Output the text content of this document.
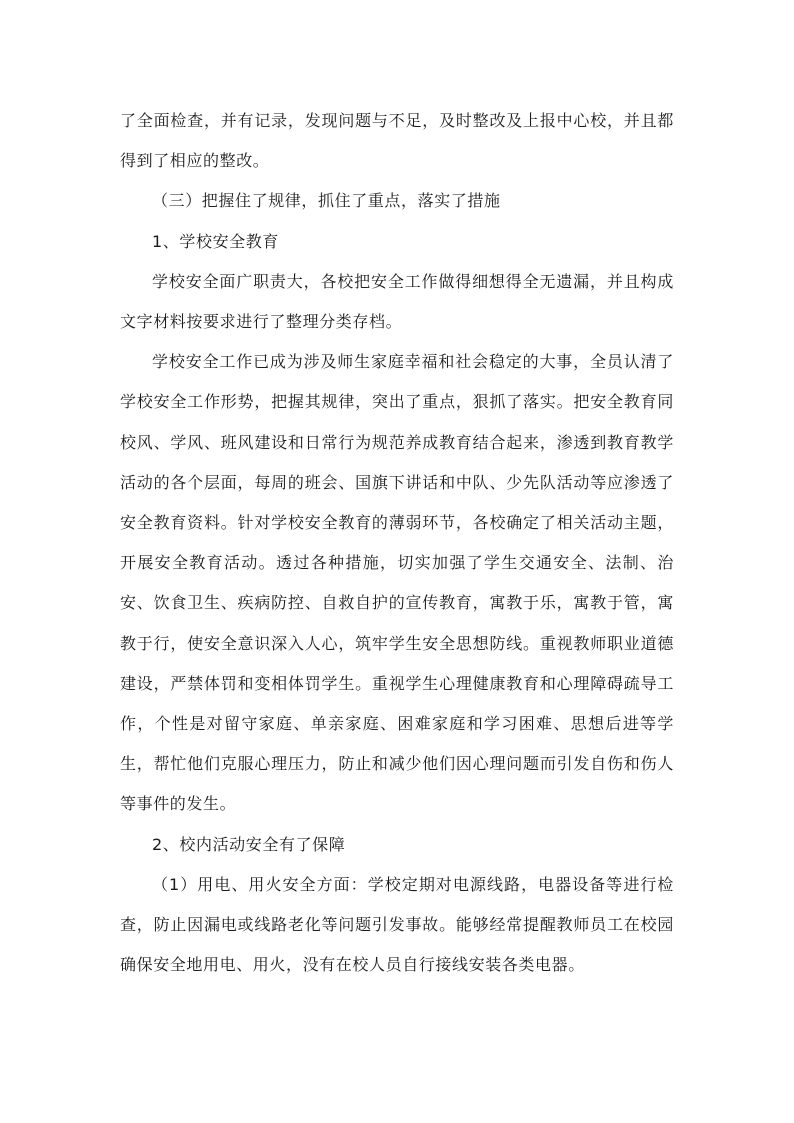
了全面检查，并有记录，发现问题与不足，及时整改及上报中心校，并且都得到了相应的整改。

（三）把握住了规律，抓住了重点，落实了措施

1、学校安全教育

学校安全面广职责大，各校把安全工作做得细想得全无遗漏，并且构成文字材料按要求进行了整理分类存档。

学校安全工作已成为涉及师生家庭幸福和社会稳定的大事，全员认清了学校安全工作形势，把握其规律，突出了重点，狠抓了落实。把安全教育同校风、学风、班风建设和日常行为规范养成教育结合起来，渗透到教育教学活动的各个层面，每周的班会、国旗下讲话和中队、少先队活动等应渗透了安全教育资料。针对学校安全教育的薄弱环节，各校确定了相关活动主题，开展安全教育活动。透过各种措施，切实加强了学生交通安全、法制、治安、饮食卫生、疾病防控、自救自护的宣传教育，寓教于乐，寓教于管，寓教于行，使安全意识深入人心，筑牢学生安全思想防线。重视教师职业道德建设，严禁体罚和变相体罚学生。重视学生心理健康教育和心理障碍疏导工作，个性是对留守家庭、单亲家庭、困难家庭和学习困难、思想后进等学生，帮忙他们克服心理压力，防止和减少他们因心理问题而引发自伤和伤人等事件的发生。

2、校内活动安全有了保障

（1）用电、用火安全方面：学校定期对电源线路，电器设备等进行检查，防止因漏电或线路老化等问题引发事故。能够经常提醒教师员工在校园确保安全地用电、用火，没有在校人员自行接线安装各类电器。
